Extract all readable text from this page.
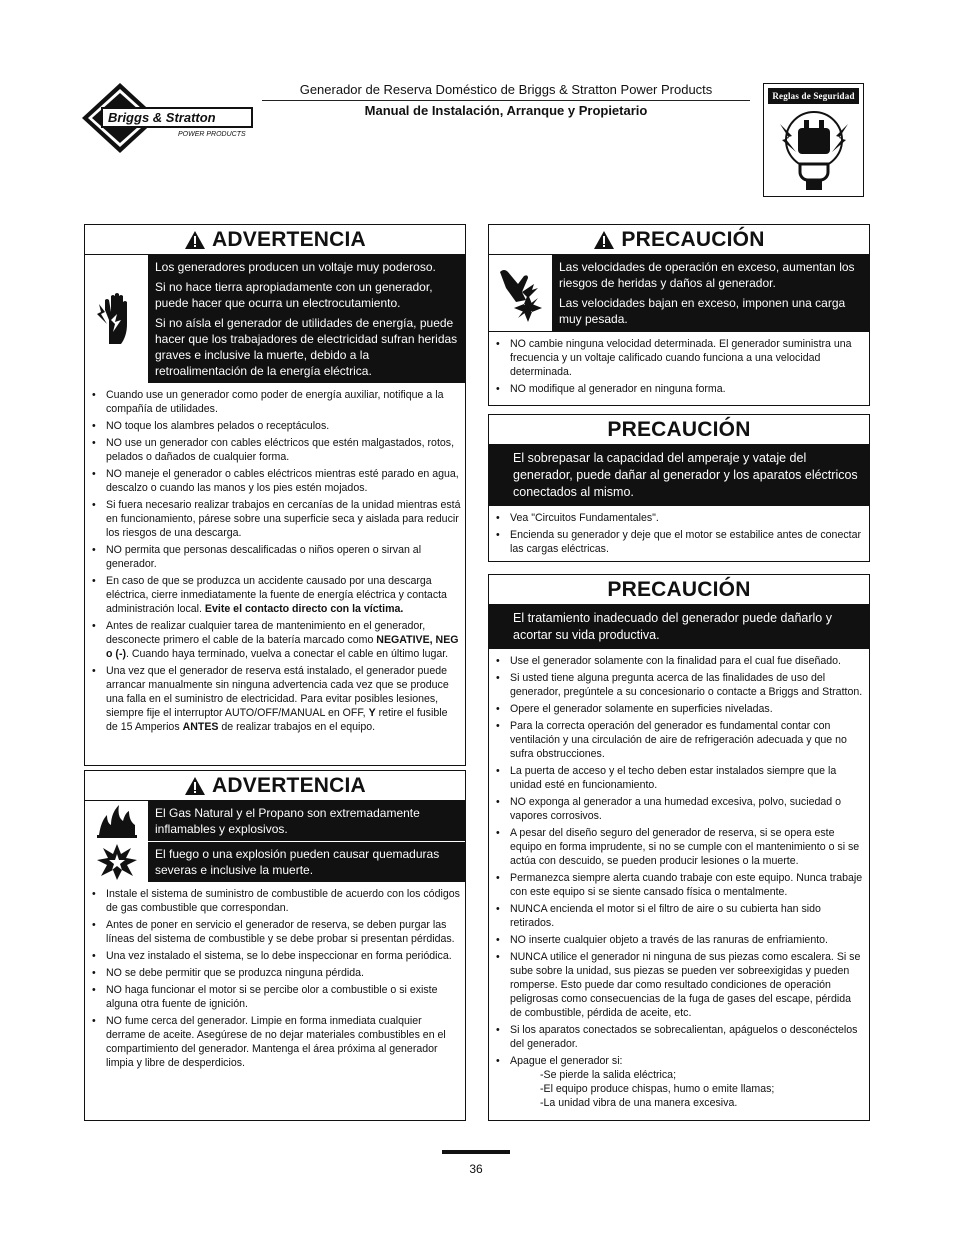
Briggs & Stratton
POWER PRODUCTS
Generador de Reserva Doméstico de Briggs & Stratton Power Products
Manual de Instalación, Arranque y Propietario
Reglas de Seguridad
ADVERTENCIA

Los generadores producen un voltaje muy poderoso.

Si no hace tierra apropiadamente con un generador, puede hacer que ocurra un electrocutamiento.

Si no aísla el generador de utilidades de energía, puede hacer que los trabajadores de electricidad sufran heridas graves e inclusive la muerte, debido a la retroalimentación de la energía eléctrica.

• Cuando use un generador como poder de energía auxiliar, notifique a la compañía de utilidades.
• NO toque los alambres pelados o receptáculos.
• NO use un generador con cables eléctricos que estén malgastados, rotos, pelados o dañados de cualquier forma.
• NO maneje el generador o cables eléctricos mientras esté parado en agua, descalzo o cuando las manos y los pies estén mojados.
• Si fuera necesario realizar trabajos en cercanías de la unidad mientras está en funcionamiento, párese sobre una superficie seca y aislada para reducir los riesgos de una descarga.
• NO permita que personas descalificadas o niños operen o sirvan al generador.
• En caso de que se produzca un accidente causado por una descarga eléctrica, cierre inmediatamente la fuente de energía eléctrica y contacta administración local. Evite el contacto directo con la víctima.
• Antes de realizar cualquier tarea de mantenimiento en el generador, desconecte primero el cable de la batería marcado como NEGATIVE, NEG o (-). Cuando haya terminado, vuelva a conectar el cable en último lugar.
• Una vez que el generador de reserva está instalado, el generador puede arrancar manualmente sin ninguna advertencia cada vez que se produce una falla en el suministro de electricidad. Para evitar posibles lesiones, siempre fije el interruptor AUTO/OFF/MANUAL en OFF, Y retire el fusible de 15 Amperios ANTES de realizar trabajos en el equipo.
ADVERTENCIA
El Gas Natural y el Propano son extremadamente inflamables y explosivos.
El fuego o una explosión pueden causar quemaduras severas e inclusive la muerte.
• Instale el sistema de suministro de combustible de acuerdo con los códigos de gas combustible que correspondan.
• Antes de poner en servicio el generador de reserva, se deben purgar las líneas del sistema de combustible y se debe probar si presentan pérdidas.
• Una vez instalado el sistema, se lo debe inspeccionar en forma periódica.
• NO se debe permitir que se produzca ninguna pérdida.
• NO haga funcionar el motor si se percibe olor a combustible o si existe alguna otra fuente de ignición.
• NO fume cerca del generador. Limpie en forma inmediata cualquier derrame de aceite. Asegúrese de no dejar materiales combustibles en el compartimiento del generador. Mantenga el área próxima al generador limpia y libre de desperdicios.
PRECAUCIÓN

Las velocidades de operación en exceso, aumentan los riesgos de heridas y daños al generador.

Las velocidades bajan en exceso, imponen una carga muy pesada.

• NO cambie ninguna velocidad determinada. El generador suministra una frecuencia y un voltaje calificado cuando funciona a una velocidad determinada.
• NO modifique al generador en ninguna forma.
PRECAUCIÓN

El sobrepasar la capacidad del amperaje y vataje del generador, puede dañar al generador y los aparatos eléctricos conectados al mismo.

• Vea "Circuitos Fundamentales".
• Encienda su generador y deje que el motor se estabilice antes de conectar las cargas eléctricas.
PRECAUCIÓN

El tratamiento inadecuado del generador puede dañarlo y acortar su vida productiva.

• Use el generador solamente con la finalidad para el cual fue diseñado.
• Si usted tiene alguna pregunta acerca de las finalidades de uso del generador, pregúntele a su concesionario o contacte a Briggs and Stratton.
• Opere el generador solamente en superficies niveladas.
• Para la correcta operación del generador es fundamental contar con ventilación y una circulación de aire de refrigeración adecuada y que no sufra obstrucciones.
• La puerta de acceso y el techo deben estar instalados siempre que la unidad esté en funcionamiento.
• NO exponga al generador a una humedad excesiva, polvo, suciedad o vapores corrosivos.
• A pesar del diseño seguro del generador de reserva, si se opera este equipo en forma imprudente, si no se cumple con el mantenimiento o si se actúa con descuido, se pueden producir lesiones o la muerte.
• Permanezca siempre alerta cuando trabaje con este equipo. Nunca trabaje con este equipo si se siente cansado física o mentalmente.
• NUNCA encienda el motor si el filtro de aire o su cubierta han sido retirados.
• NO inserte cualquier objeto a través de las ranuras de enfriamiento.
• NUNCA utilice el generador ni ninguna de sus piezas como escalera. Si se sube sobre la unidad, sus piezas se pueden ver sobreexigidas y pueden romperse. Esto puede dar como resultado condiciones de operación peligrosas como consecuencias de la fuga de gases del escape, pérdida de combustible, pérdida de aceite, etc.
• Si los aparatos conectados se sobrecalientan, apáguelos o desconéctelos del generador.
• Apague el generador si:
-Se pierde la salida eléctrica;
-El equipo produce chispas, humo o emite llamas;
-La unidad vibra de una manera excesiva.
36
